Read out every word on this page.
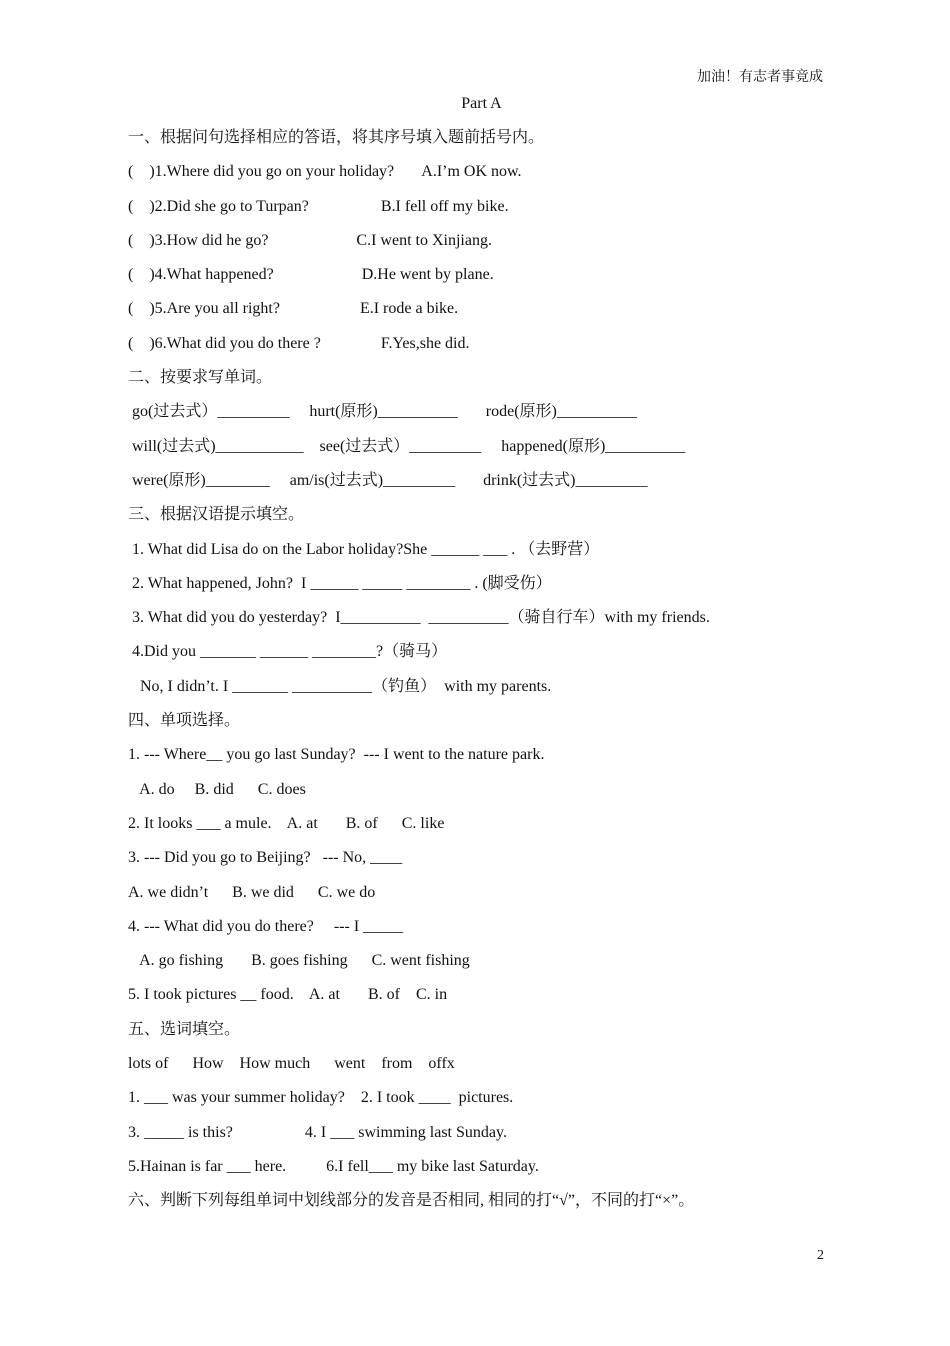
加油！有志者事竟成
Part A
一、根据问句选择相应的答语，将其序号填入题前括号内。
(    )1.Where did you go on your holiday?       A.I’m OK now.
(    )2.Did she go to Turpan?                  B.I fell off my bike.
(    )3.How did he go?                      C.I went to Xinjiang.
(    )4.What happened?                      D.He went by plane.
(    )5.Are you all right?                    E.I rode a bike.
(    )6.What did you do there ?               F.Yes,she did.
二、按要求写单词。
go(过去式）_________     hurt(原形)__________       rode(原形)__________
will(过去式)___________    see(过去式）_________     happened(原形)__________
were(原形)________     am/is(过去式)_________       drink(过去式)_________
三、根据汉语提示填空。
1. What did Lisa do on the Labor holiday?She ______ ___ . （去野营）
2. What happened, John?  I ______ _____ ________ . (脚受伤）
3. What did you do yesterday?  I__________  __________（骑自行车）with my friends.
4.Did you _______ ______ ________?（骑马）
No, I didn’t. I _______ __________（钓鱼）  with my parents.
四、单项选择。
1. --- Where__ you go last Sunday?  --- I went to the nature park.
A. do     B. did      C. does
2. It looks ___ a mule.    A. at       B. of      C. like
3. --- Did you go to Beijing?   --- No, ____
A. we didn’t      B. we did      C. we do
4. --- What did you do there?     --- I _____
A. go fishing       B. goes fishing      C. went fishing
5. I took pictures __ food.    A. at       B. of    C. in
五、选词填空。
lots of      How    How much      went    from    offx
1. ___ was your summer holiday?    2. I took ____  pictures.
3. _____ is this?                  4. I ___ swimming last Sunday.
5.Hainan is far ___ here.          6.I fell___ my bike last Saturday.
六、判断下列每组单词中划线部分的发音是否相同, 相同的打“√”，不同的打“×”。
2
